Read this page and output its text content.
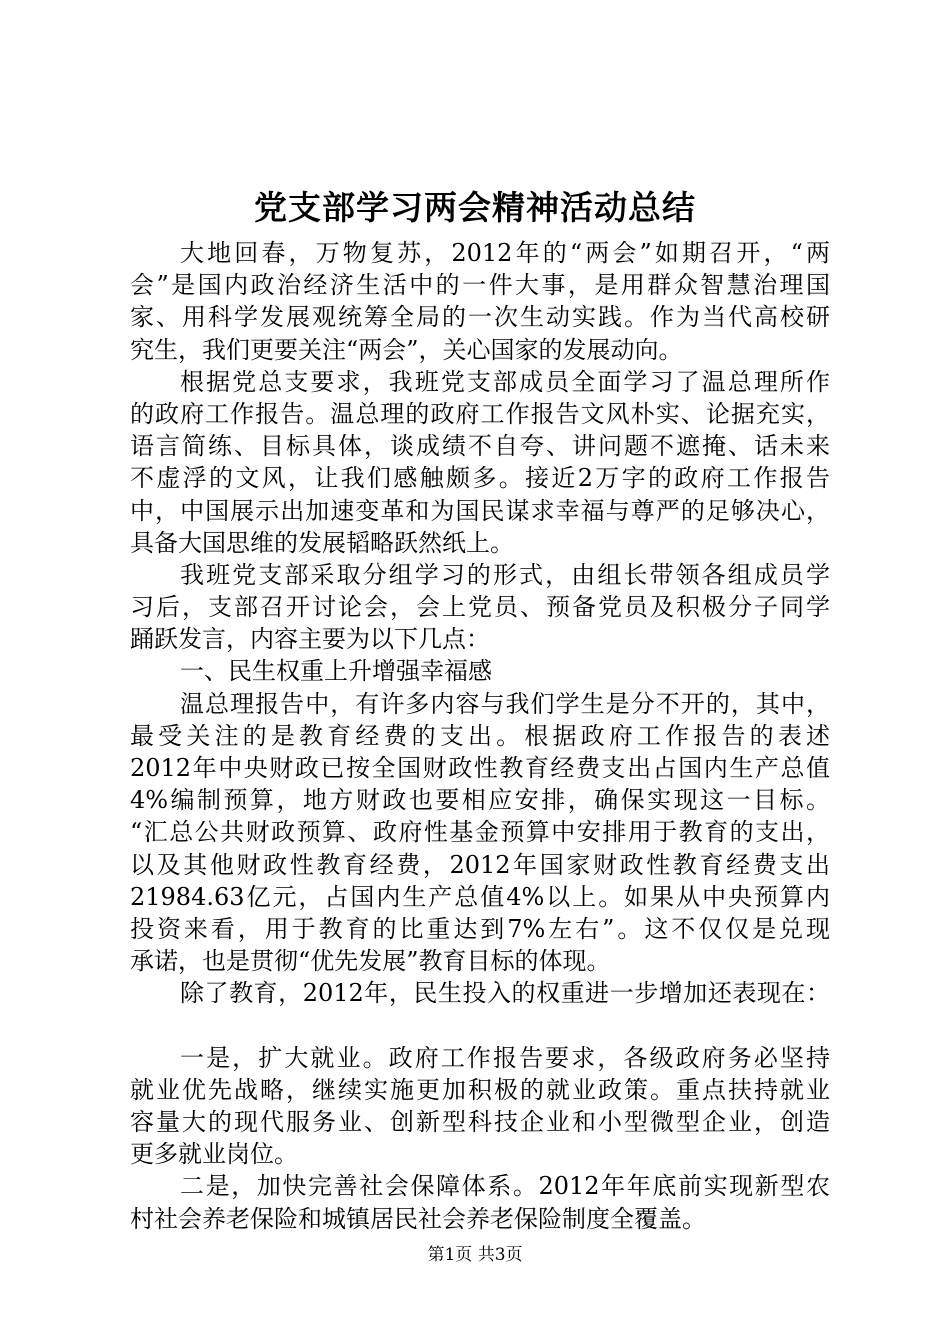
党支部学习两会精神活动总结
大地回春，万物复苏，2012年的“两会”如期召开，“两
会”是国内政治经济生活中的一件大事，是用群众智慧治理国
家、用科学发展观统筹全局的一次生动实践。作为当代高校研
究生，我们更要关注“两会”，关心国家的发展动向。
根据党总支要求，我班党支部成员全面学习了温总理所作
的政府工作报告。温总理的政府工作报告文风朴实、论据充实，
语言简练、目标具体，谈成绩不自夸、讲问题不遮掩、话未来
不虚浮的文风，让我们感触颇多。接近2万字的政府工作报告
中，中国展示出加速变革和为国民谋求幸福与尊严的足够决心，
具备大国思维的发展韬略跃然纸上。
我班党支部采取分组学习的形式，由组长带领各组成员学
习后，支部召开讨论会，会上党员、预备党员及积极分子同学
踊跃发言，内容主要为以下几点：
一、民生权重上升增强幸福感
温总理报告中，有许多内容与我们学生是分不开的，其中，
最受关注的是教育经费的支出。根据政府工作报告的表述
2012年中央财政已按全国财政性教育经费支出占国内生产总值
4%编制预算，地方财政也要相应安排，确保实现这一目标。
“汇总公共财政预算、政府性基金预算中安排用于教育的支出，
以及其他财政性教育经费，2012年国家财政性教育经费支出
21984.63亿元，占国内生产总值4%以上。如果从中央预算内
投资来看，用于教育的比重达到7%左右”。这不仅仅是兑现
承诺，也是贯彻“优先发展”教育目标的体现。
除了教育，2012年，民生投入的权重进一步增加还表现在：
一是，扩大就业。政府工作报告要求，各级政府务必坚持
就业优先战略，继续实施更加积极的就业政策。重点扶持就业
容量大的现代服务业、创新型科技企业和小型微型企业，创造
更多就业岗位。
二是，加快完善社会保障体系。2012年年底前实现新型农
村社会养老保险和城镇居民社会养老保险制度全覆盖。
第1页 共3页
